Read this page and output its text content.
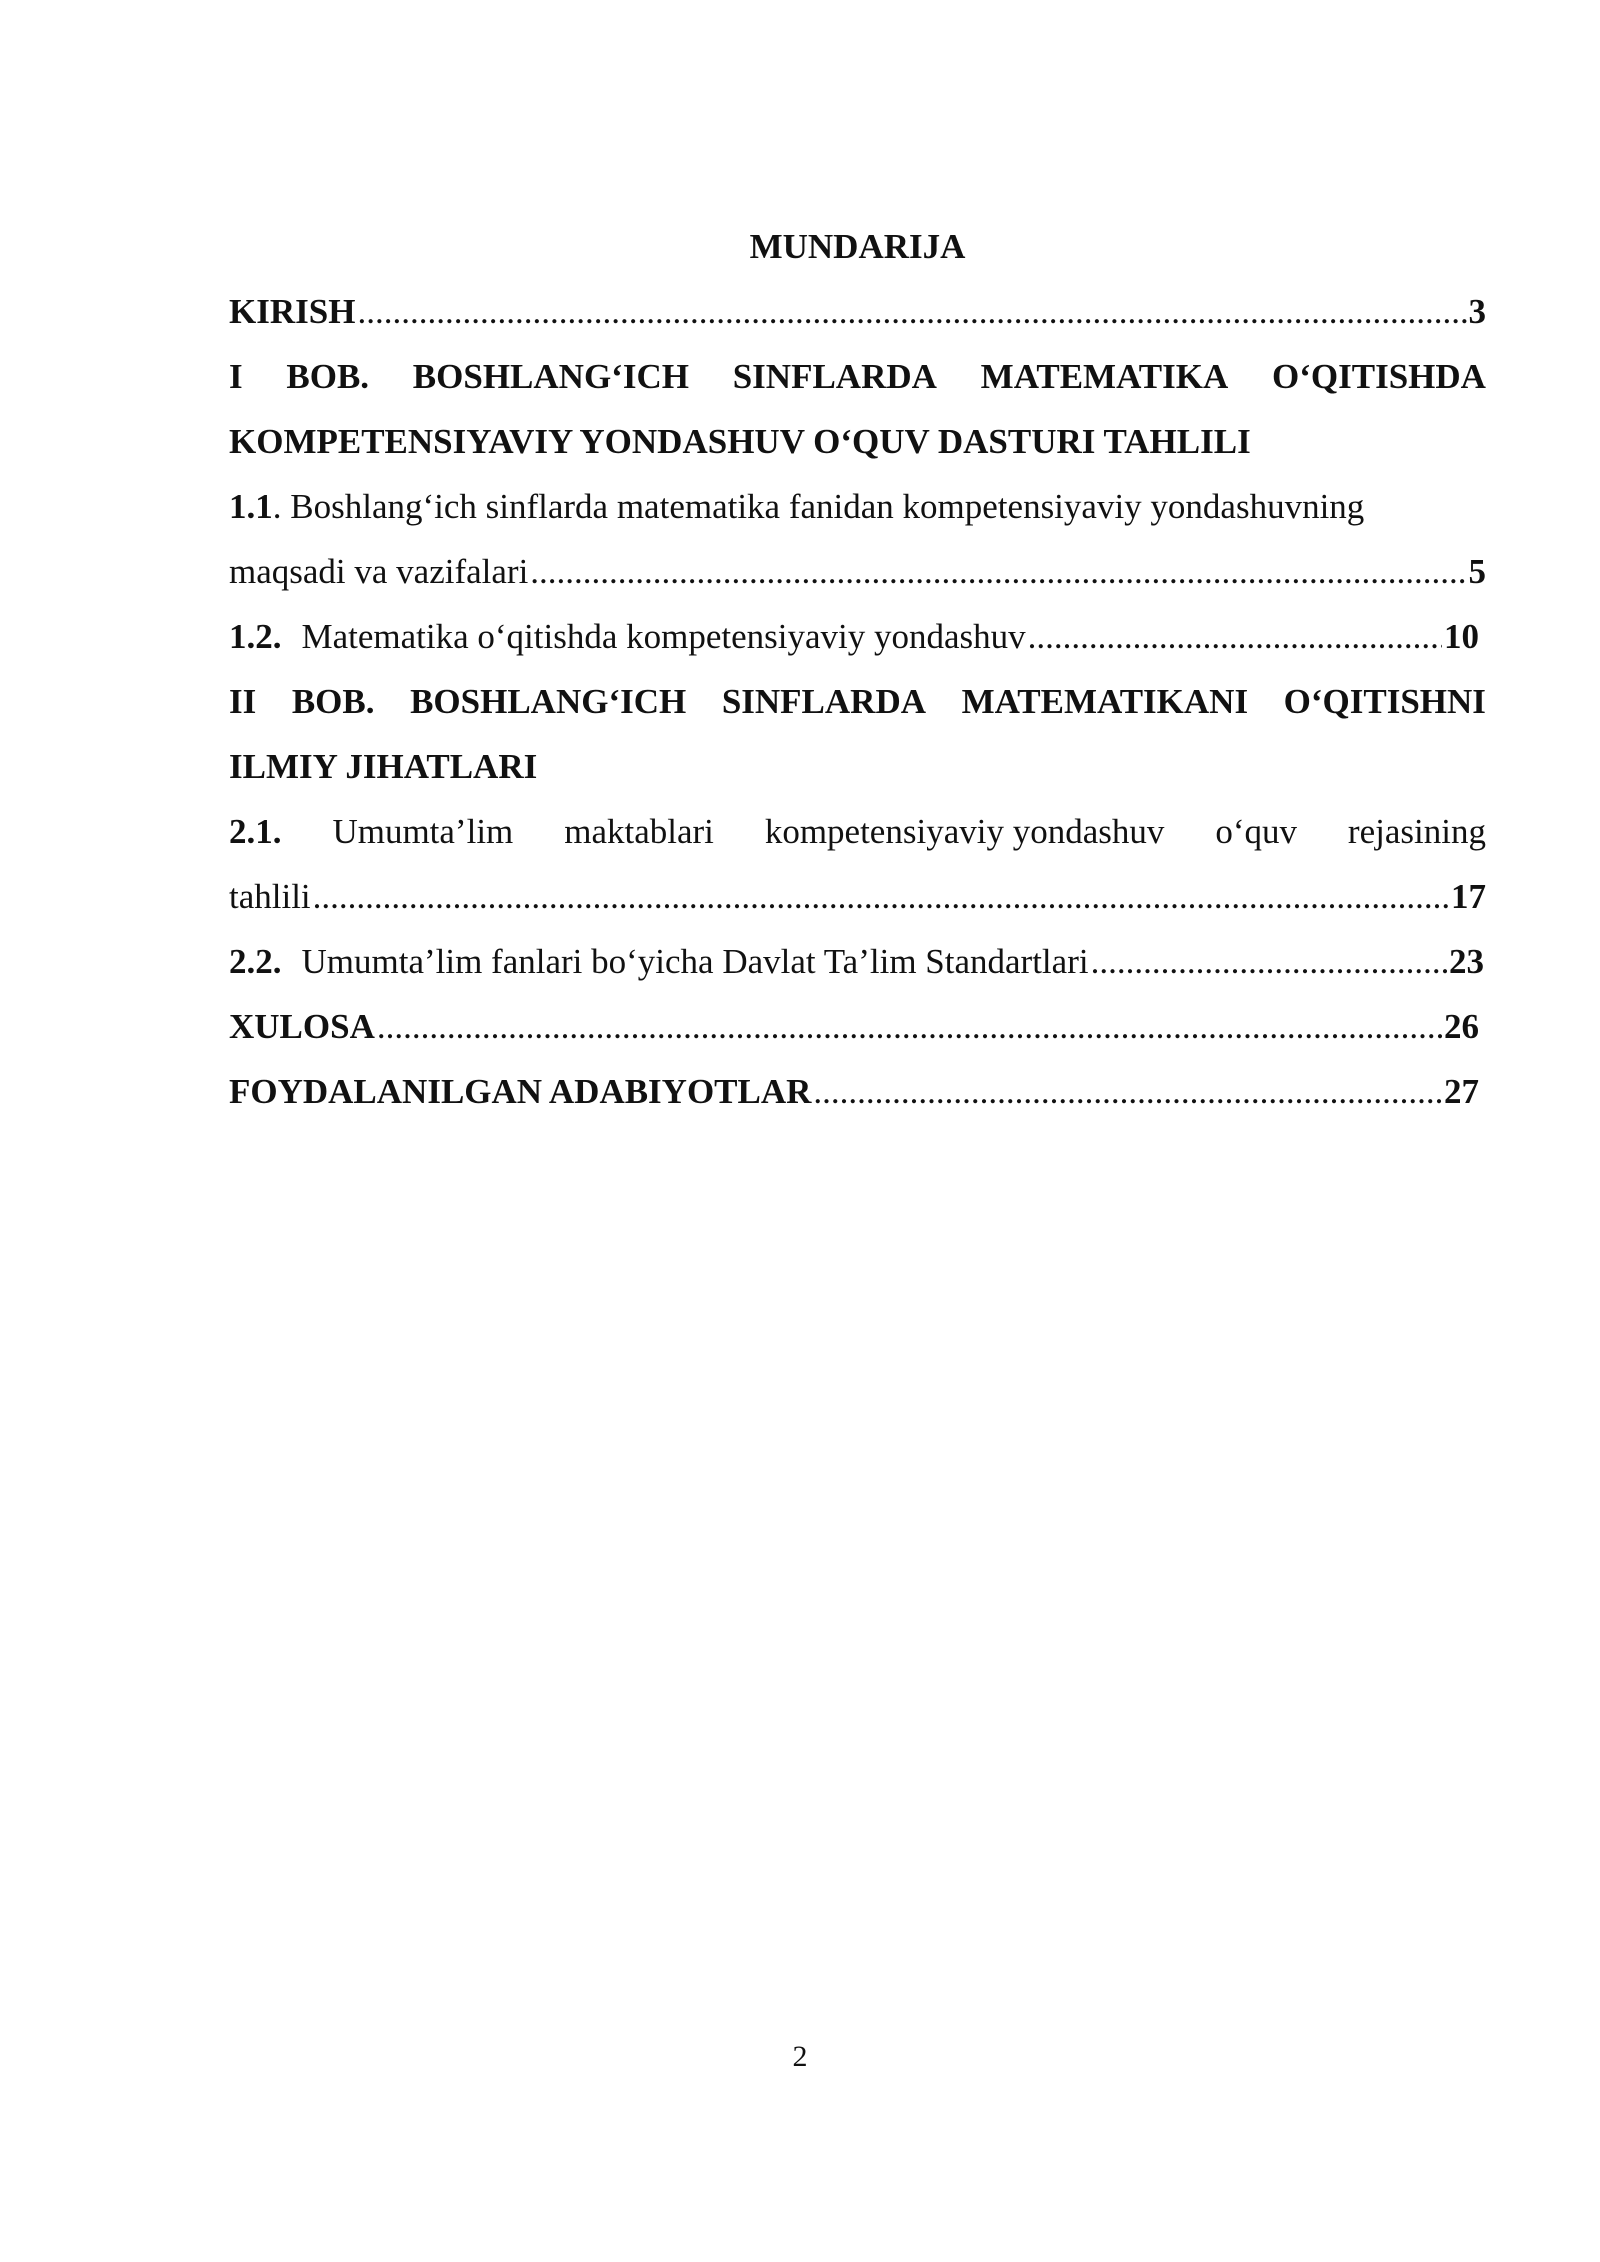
MUNDARIJA
KIRISH .....	3
I BOB. BOSHLANG‘ICH SINFLARDA MATEMATIKA O‘QITISHDA
KOMPETENSIYAVIY YONDASHUV O‘QUV DASTURI TAHLILI
1.1 . Boshlang‘ich sinflarda matematika fanidan kompetensiyaviy yondashuvning
maqsadi va vazifalari .....	5
1.2. Matematika o‘qitishda kompetensiyaviy yondashuv .....	10
II BOB. BOSHLANG‘ICH SINFLARDA MATEMATIKANI O‘QITISHNI
ILMIY JIHATLARI
2.1. Umumta’lim maktablari kompetensiyaviy yondashuv o‘quv rejasining
tahlili .....	17
2.2. Umumta’lim fanlari bo‘yicha Davlat Ta’lim Standartlari .....	23
XULOSA .....	26
FOYDALANILGAN ADABIYOTLAR .....	27
2
